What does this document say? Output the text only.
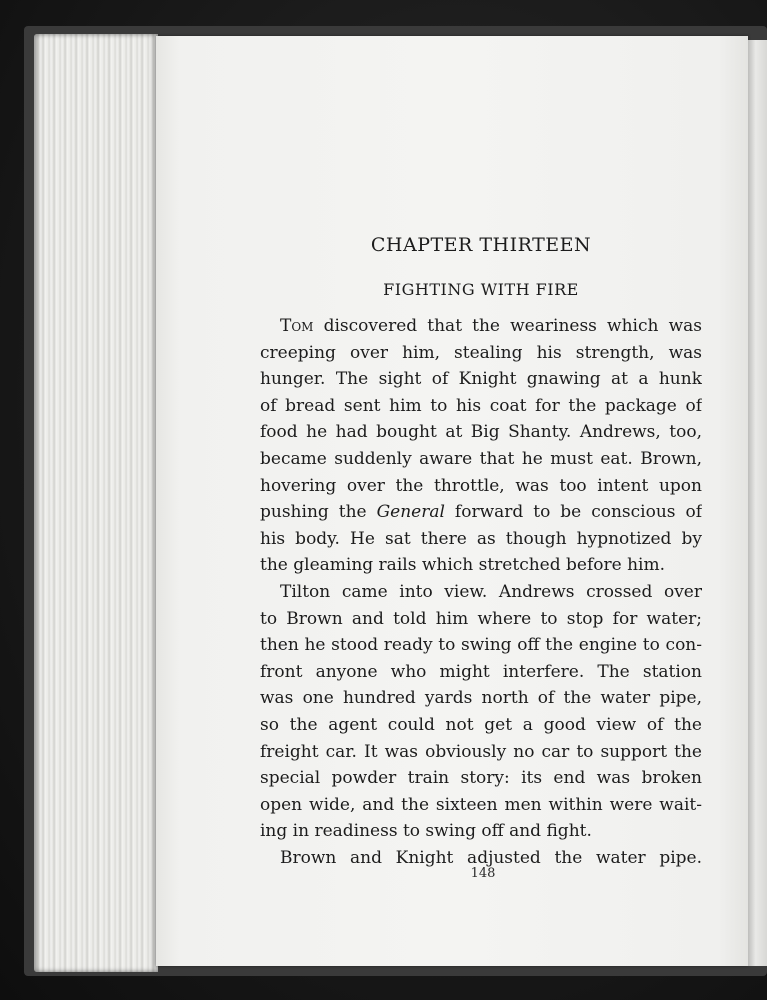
CHAPTER THIRTEEN
FIGHTING WITH FIRE
Tom discovered that the weariness which was
creeping over him, stealing his strength, was
hunger. The sight of Knight gnawing at a hunk
of bread sent him to his coat for the package of
food he had bought at Big Shanty. Andrews, too,
became suddenly aware that he must eat. Brown,
hovering over the throttle, was too intent upon
pushing the General forward to be conscious of
his body. He sat there as though hypnotized by
the gleaming rails which stretched before him.
Tilton came into view. Andrews crossed over
to Brown and told him where to stop for water;
then he stood ready to swing off the engine to con-
front anyone who might interfere. The station
was one hundred yards north of the water pipe,
so the agent could not get a good view of the
freight car. It was obviously no car to support the
special powder train story: its end was broken
open wide, and the sixteen men within were wait-
ing in readiness to swing off and fight.
Brown and Knight adjusted the water pipe.
148
